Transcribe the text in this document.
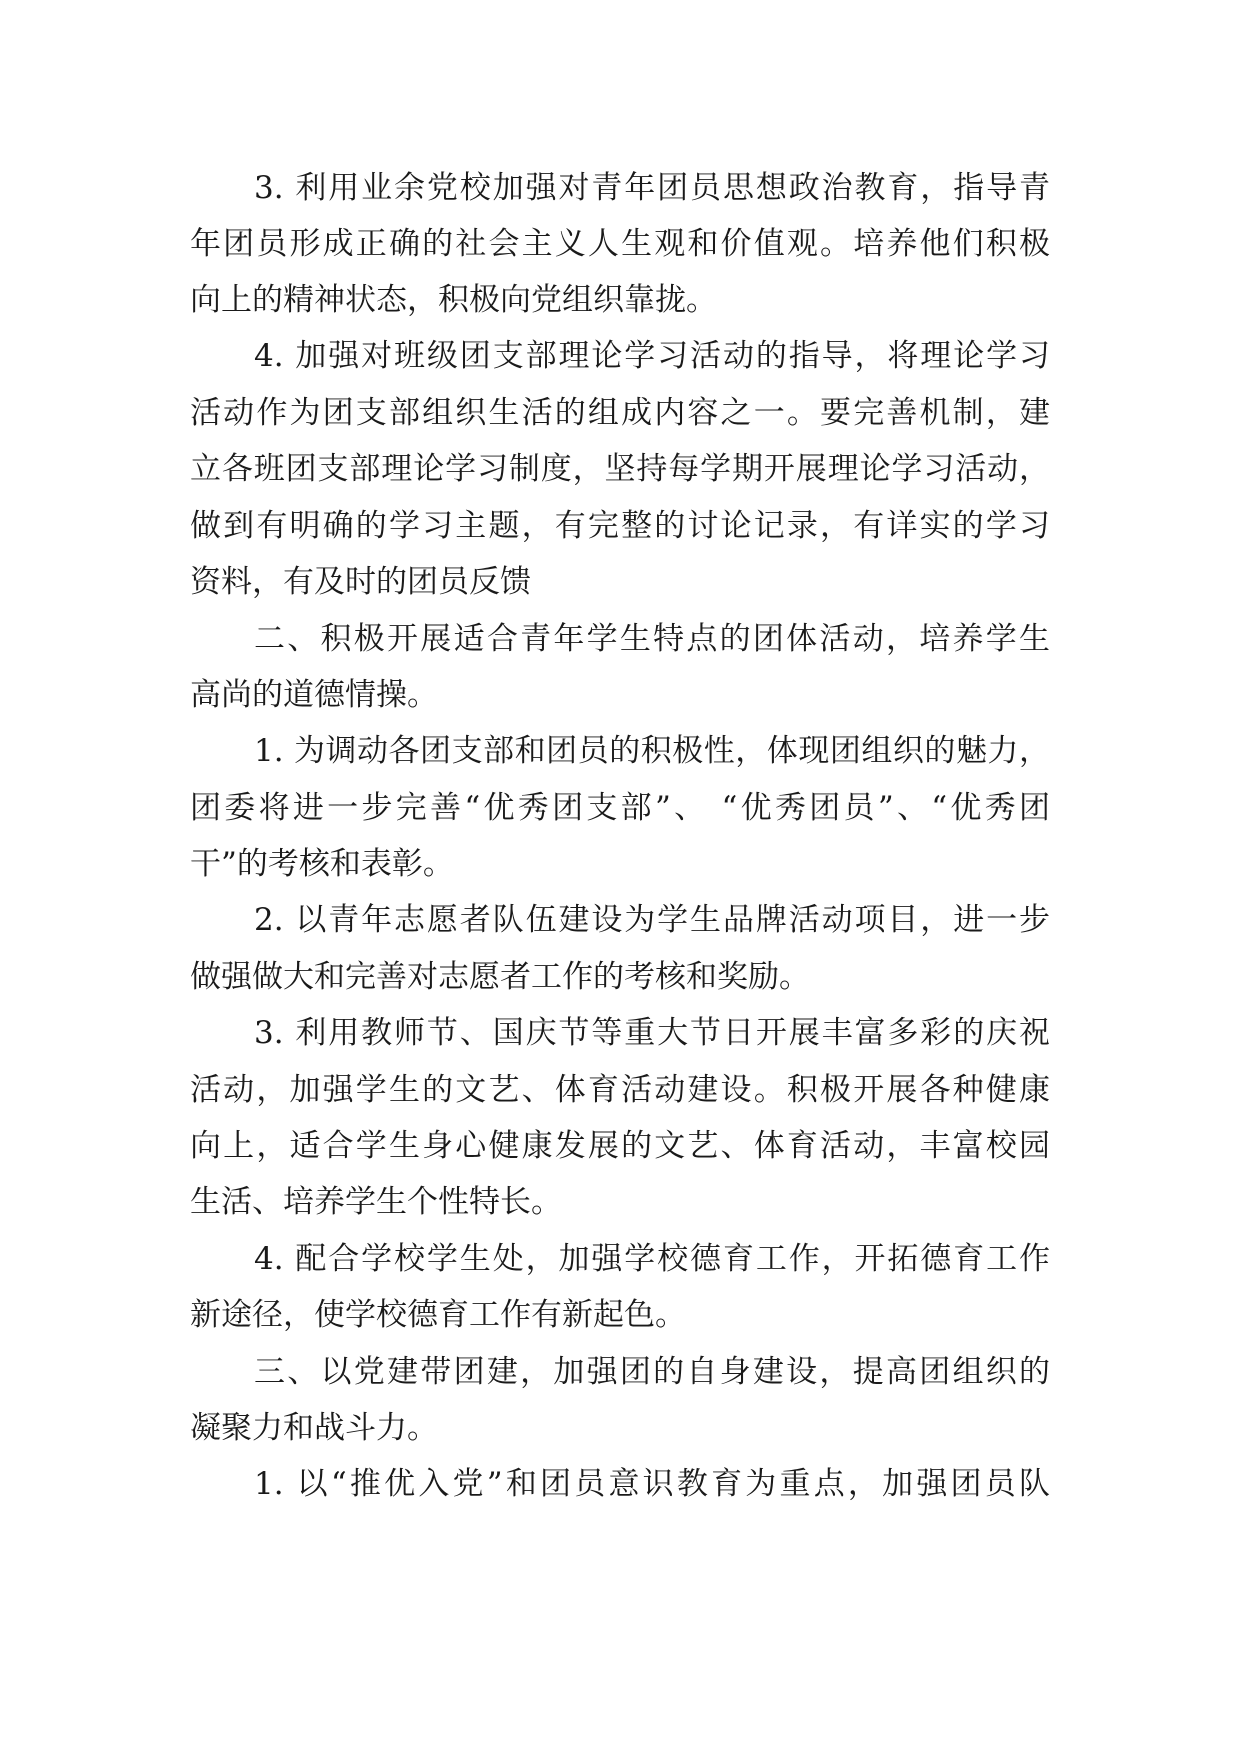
3. 利用业余党校加强对青年团员思想政治教育，指导青
年团员形成正确的社会主义人生观和价值观。培养他们积极
向上的精神状态，积极向党组织靠拢。
4. 加强对班级团支部理论学习活动的指导，将理论学习
活动作为团支部组织生活的组成内容之一。要完善机制，建
立各班团支部理论学习制度，坚持每学期开展理论学习活动，
做到有明确的学习主题，有完整的讨论记录，有详实的学习
资料，有及时的团员反馈
二、积极开展适合青年学生特点的团体活动，培养学生
高尚的道德情操。
1. 为调动各团支部和团员的积极性，体现团组织的魅力，
团委将进一步完善“优秀团支部”、 “优秀团员”、“优秀团
干”的考核和表彰。
2. 以青年志愿者队伍建设为学生品牌活动项目，进一步
做强做大和完善对志愿者工作的考核和奖励。
3. 利用教师节、国庆节等重大节日开展丰富多彩的庆祝
活动，加强学生的文艺、体育活动建设。积极开展各种健康
向上，适合学生身心健康发展的文艺、体育活动，丰富校园
生活、培养学生个性特长。
4. 配合学校学生处，加强学校德育工作，开拓德育工作
新途径，使学校德育工作有新起色。
三、以党建带团建，加强团的自身建设，提高团组织的
凝聚力和战斗力。
1. 以“推优入党”和团员意识教育为重点，加强团员队
